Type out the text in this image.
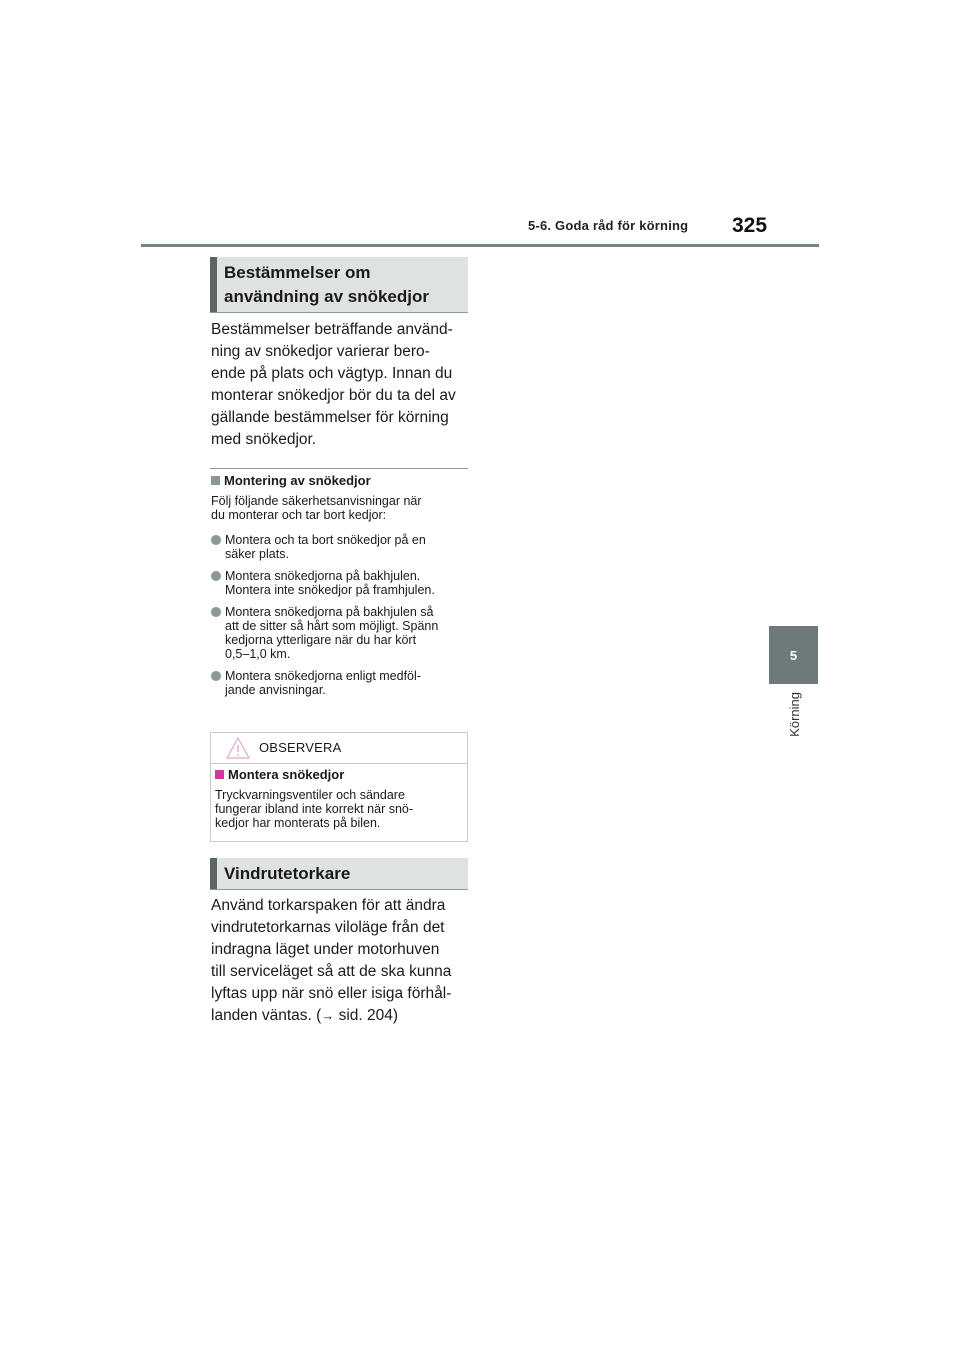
5-6. Goda råd för körning	325
5
Körning
Bestämmelser om
användning av snökedjor
Bestämmelser beträffande använd-
ning av snökedjor varierar bero-
ende på plats och vägtyp. Innan du
monterar snökedjor bör du ta del av
gällande bestämmelser för körning
med snökedjor.
Montering av snökedjor
Följ följande säkerhetsanvisningar när
du monterar och tar bort kedjor:
Montera och ta bort snökedjor på en
säker plats.
Montera snökedjorna på bakhjulen.
Montera inte snökedjor på framhjulen.
Montera snökedjorna på bakhjulen så
att de sitter så hårt som möjligt. Spänn
kedjorna ytterligare när du har kört
0,5–1,0 km.
Montera snökedjorna enligt medföl-
jande anvisningar.
OBSERVERA
Montera snökedjor
Tryckvarningsventiler och sändare
fungerar ibland inte korrekt när snö-
kedjor har monterats på bilen.
Vindrutetorkare
Använd torkarspaken för att ändra
vindrutetorkarnas viloläge från det
indragna läget under motorhuven
till serviceläget så att de ska kunna
lyftas upp när snö eller isiga förhål-
landen väntas. (→ sid. 204)
